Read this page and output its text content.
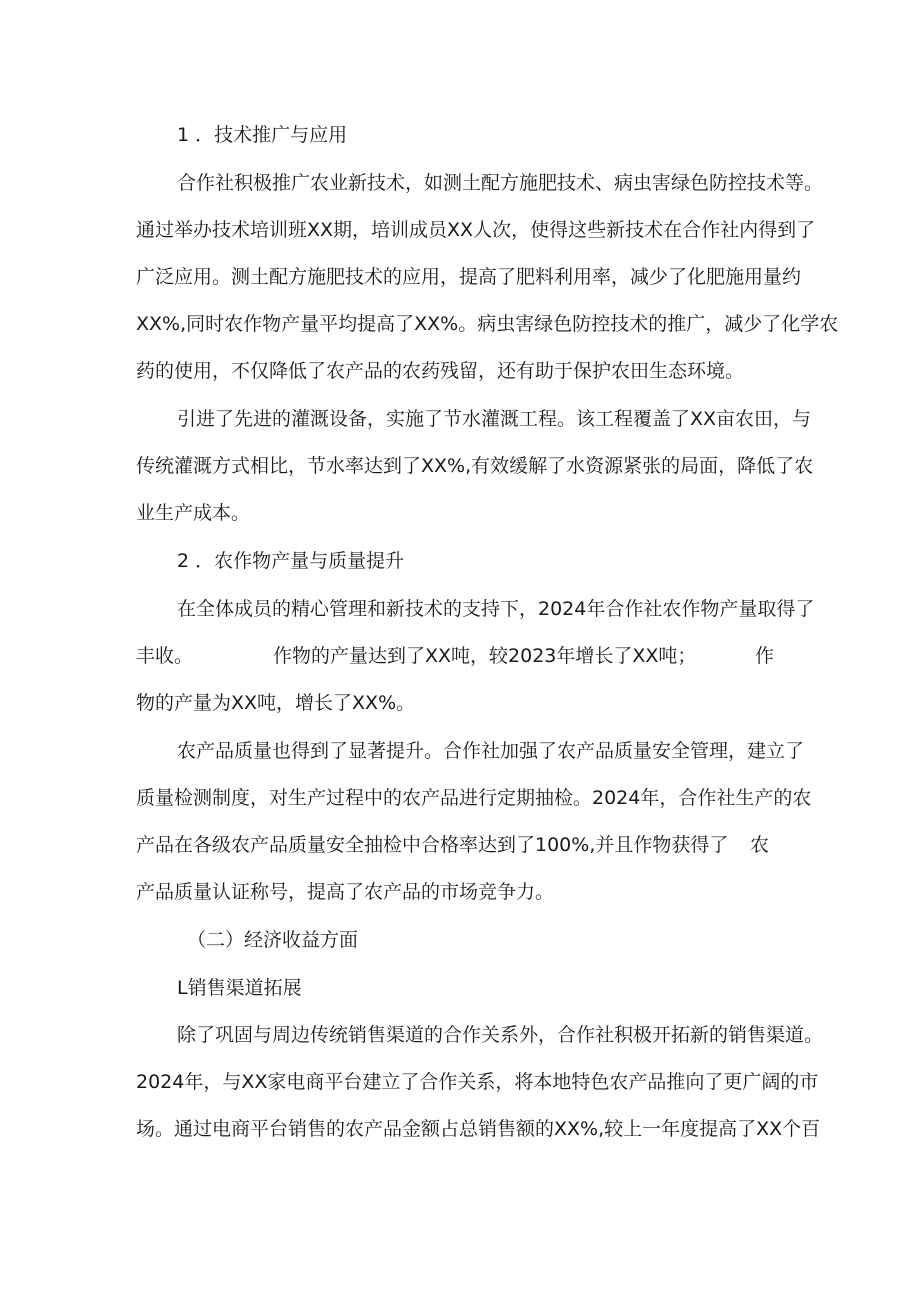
1 ．技术推广与应用
合作社积极推广农业新技术，如测土配方施肥技术、病虫害绿色防控技术等。
通过举办技术培训班XX期，培训成员XX人次，使得这些新技术在合作社内得到了
广泛应用。测土配方施肥技术的应用，提高了肥料利用率，减少了化肥施用量约
XX%,同时农作物产量平均提高了XX%。病虫害绿色防控技术的推广，减少了化学农
药的使用，不仅降低了农产品的农药残留，还有助于保护农田生态环境。
引进了先进的灌溉设备，实施了节水灌溉工程。该工程覆盖了XX亩农田，与
传统灌溉方式相比，节水率达到了XX%,有效缓解了水资源紧张的局面，降低了农
业生产成本。
2 ．农作物产量与质量提升
在全体成员的精心管理和新技术的支持下，2024年合作社农作物产量取得了
丰收。	作物的产量达到了XX吨，较2023年增长了XX吨；	作
物的产量为XX吨，增长了XX%。
农产品质量也得到了显著提升。合作社加强了农产品质量安全管理，建立了
质量检测制度，对生产过程中的农产品进行定期抽检。2024年，合作社生产的农
产品在各级农产品质量安全抽检中合格率达到了100%,并且作物获得了 农
产品质量认证称号，提高了农产品的市场竞争力。
（二）经济收益方面
L销售渠道拓展
除了巩固与周边传统销售渠道的合作关系外，合作社积极开拓新的销售渠道。
2024年，与XX家电商平台建立了合作关系，将本地特色农产品推向了更广阔的市
场。通过电商平台销售的农产品金额占总销售额的XX%,较上一年度提高了XX个百
